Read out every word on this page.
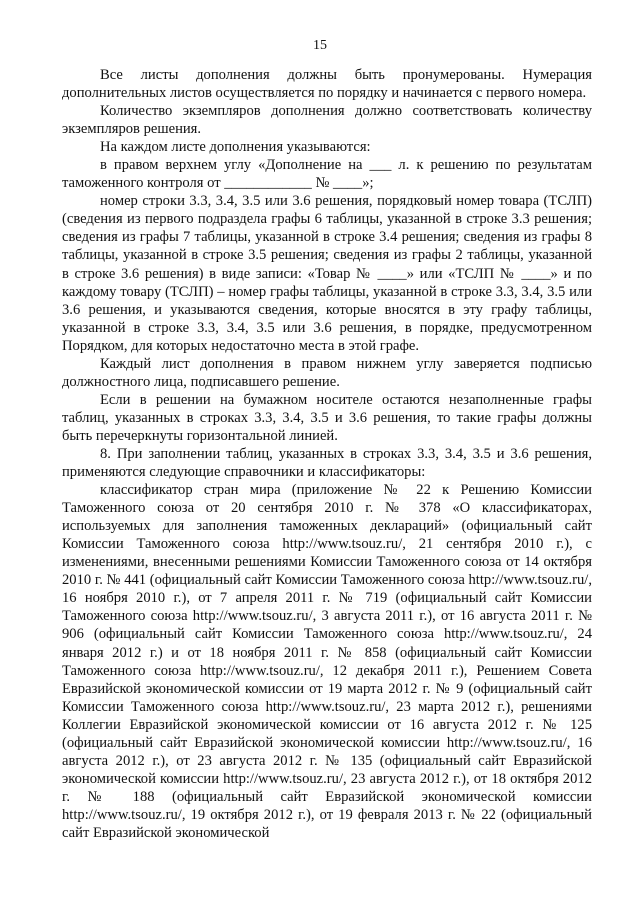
15

Все листы дополнения должны быть пронумерованы. Нумерация дополнительных листов осуществляется по порядку и начинается с первого номера.

Количество экземпляров дополнения должно соответствовать количеству экземпляров решения.

На каждом листе дополнения указываются:

в правом верхнем углу «Дополнение на ___ л. к решению по результатам таможенного контроля от ____________ № ____»;

номер строки 3.3, 3.4, 3.5 или 3.6 решения, порядковый номер товара (ТСЛП) (сведения из первого подраздела графы 6 таблицы, указанной в строке 3.3 решения; сведения из графы 7 таблицы, указанной в строке 3.4 решения; сведения из графы 8 таблицы, указанной в строке 3.5 решения; сведения из графы 2 таблицы, указанной в строке 3.6 решения) в виде записи: «Товар № ____» или «ТСЛП № ____» и по каждому товару (ТСЛП) – номер графы таблицы, указанной в строке 3.3, 3.4, 3.5 или 3.6 решения, и указываются сведения, которые вносятся в эту графу таблицы, указанной в строке 3.3, 3.4, 3.5 или 3.6 решения, в порядке, предусмотренном Порядком, для которых недостаточно места в этой графе.

Каждый лист дополнения в правом нижнем углу заверяется подписью должностного лица, подписавшего решение.

Если в решении на бумажном носителе остаются незаполненные графы таблиц, указанных в строках 3.3, 3.4, 3.5 и 3.6 решения, то такие графы должны быть перечеркнуты горизонтальной линией.

8. При заполнении таблиц, указанных в строках 3.3, 3.4, 3.5 и 3.6 решения, применяются следующие справочники и классификаторы:

классификатор стран мира (приложение № 22 к Решению Комиссии Таможенного союза от 20 сентября 2010 г. № 378 «О классификаторах, используемых для заполнения таможенных деклараций» (официальный сайт Комиссии Таможенного союза http://www.tsouz.ru/, 21 сентября 2010 г.), с изменениями, внесенными решениями Комиссии Таможенного союза от 14 октября 2010 г. № 441 (официальный сайт Комиссии Таможенного союза http://www.tsouz.ru/, 16 ноября 2010 г.), от 7 апреля 2011 г. № 719 (официальный сайт Комиссии Таможенного союза http://www.tsouz.ru/, 3 августа 2011 г.), от 16 августа 2011 г. № 906 (официальный сайт Комиссии Таможенного союза http://www.tsouz.ru/, 24 января 2012 г.) и от 18 ноября 2011 г. № 858 (официальный сайт Комиссии Таможенного союза http://www.tsouz.ru/, 12 декабря 2011 г.), Решением Совета Евразийской экономической комиссии от 19 марта 2012 г. № 9 (официальный сайт Комиссии Таможенного союза http://www.tsouz.ru/, 23 марта 2012 г.), решениями Коллегии Евразийской экономической комиссии от 16 августа 2012 г. № 125 (официальный сайт Евразийской экономической комиссии http://www.tsouz.ru/, 16 августа 2012 г.), от 23 августа 2012 г. № 135 (официальный сайт Евразийской экономической комиссии http://www.tsouz.ru/, 23 августа 2012 г.), от 18 октября 2012 г. № 188 (официальный сайт Евразийской экономической комиссии http://www.tsouz.ru/, 19 октября 2012 г.), от 19 февраля 2013 г. № 22 (официальный сайт Евразийской экономической
